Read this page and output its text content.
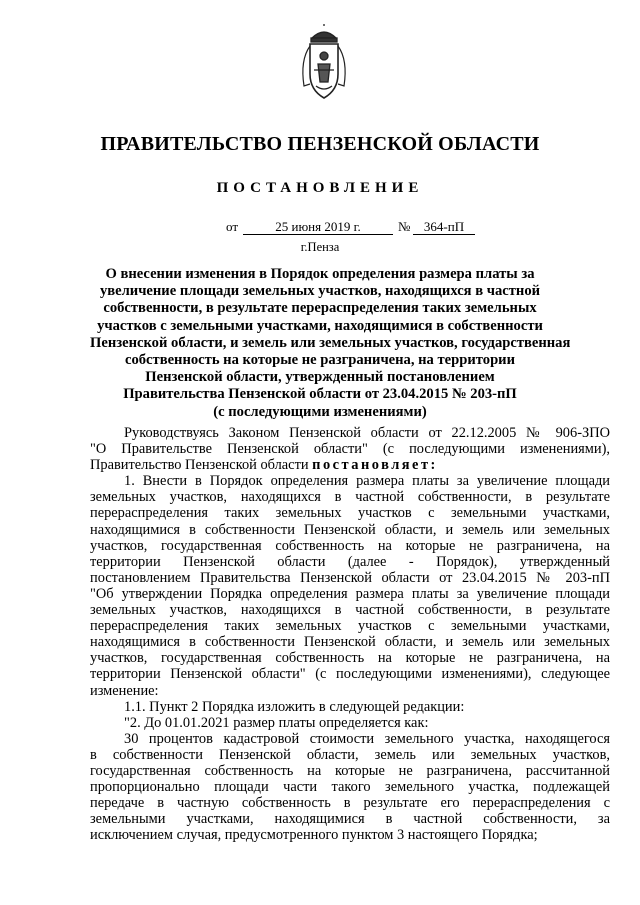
ПРАВИТЕЛЬСТВО ПЕНЗЕНСКОЙ ОБЛАСТИ
ПОСТАНОВЛЕНИЕ
от	25 июня 2019 г.	№	364-пП
г.Пенза
О внесении изменения в Порядок определения размера платы за
увеличение площади земельных участков, находящихся в частной
собственности, в результате перераспределения таких земельных
участков с земельными участками, находящимися в собственности
Пензенской области, и земель или земельных участков, государственная
собственность на которые не разграничена, на территории
Пензенской области, утвержденный постановлением
Правительства Пензенской области от 23.04.2015 № 203-пП
(с последующими изменениями)
Руководствуясь Законом Пензенской области от 22.12.2005 № 906-ЗПО
"О Правительстве Пензенской области" (с последующими изменениями),
Правительство Пензенской области постановляет:
1. Внести в Порядок определения размера платы за увеличение площади
земельных участков, находящихся в частной собственности, в результате
перераспределения таких земельных участков с земельными участками,
находящимися в собственности Пензенской области, и земель или земельных
участков, государственная собственность на которые не разграничена, на
территории Пензенской области (далее - Порядок), утвержденный
постановлением Правительства Пензенской области от 23.04.2015 № 203-пП
"Об утверждении Порядка определения размера платы за увеличение площади
земельных участков, находящихся в частной собственности, в результате
перераспределения таких земельных участков с земельными участками,
находящимися в собственности Пензенской области, и земель или земельных
участков, государственная собственность на которые не разграничена, на
территории Пензенской области" (с последующими изменениями), следующее
изменение:
1.1. Пункт 2 Порядка изложить в следующей редакции:
"2. До 01.01.2021 размер платы определяется как:
30 процентов кадастровой стоимости земельного участка, находящегося
в собственности Пензенской области, земель или земельных участков,
государственная собственность на которые не разграничена, рассчитанной
пропорционально площади части такого земельного участка, подлежащей
передаче в частную собственность в результате его перераспределения с
земельными участками, находящимися в частной собственности, за
исключением случая, предусмотренного пунктом 3 настоящего Порядка;
